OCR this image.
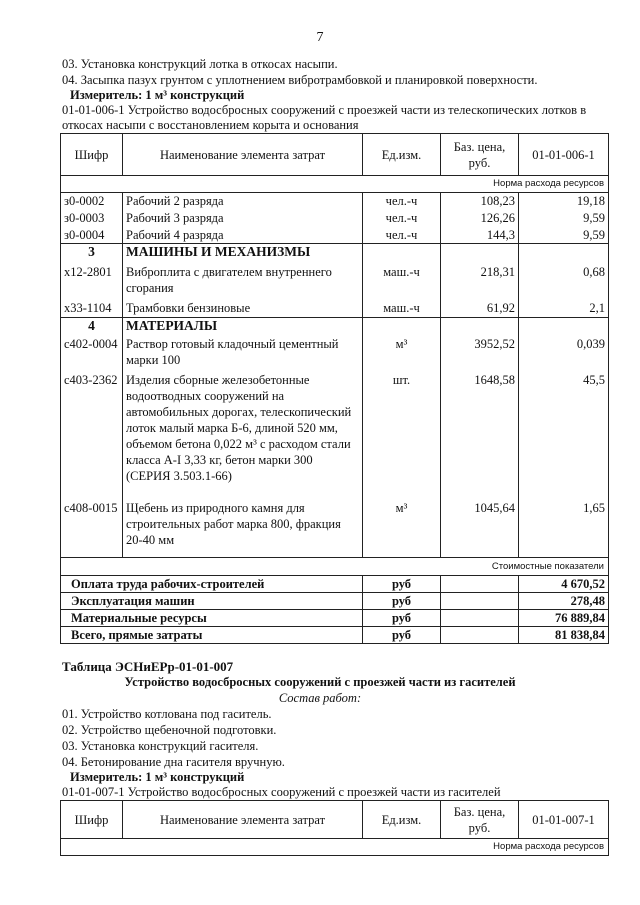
7
03. Установка конструкций лотка в откосах насыпи.
04. Засыпка пазух грунтом с уплотнением вибротрамбовкой и планировкой поверхности.
Измеритель: 1 м³ конструкций
01-01-006-1 Устройство водосбросных сооружений с проезжей части из телескопических лотков в откосах насыпи с восстановлением корыта и основания
Шифр	Наименование элемента затрат	Ед.изм.	Баз. цена, руб.	01-01-006-1
Норма расхода ресурсов				
з0-0002	Рабочий 2 разряда	чел.-ч	108,23	19,18
з0-0003	Рабочий 3 разряда	чел.-ч	126,26	9,59
з0-0004	Рабочий 4 разряда	чел.-ч	144,3	9,59
3	МАШИНЫ И МЕХАНИЗМЫ			
х12-2801	Виброплита с двигателем внутреннего сгорания	маш.-ч	218,31	0,68
х33-1104	Трамбовки бензиновые	маш.-ч	61,92	2,1
4	МАТЕРИАЛЫ			
с402-0004	Раствор готовый кладочный цементный марки 100	м³	3952,52	0,039
с403-2362	Изделия сборные железобетонные водоотводных сооружений на автомобильных дорогах, телескопический лоток малый марка Б-6, длиной 520 мм, объемом бетона 0,022 м³ с расходом стали класса А-I 3,33 кг, бетон марки 300 (СЕРИЯ 3.503.1-66)	шт.	1648,58	45,5
с408-0015	Щебень из природного камня для строительных работ марка 800, фракция 20-40 мм	м³	1045,64	1,65
Стоимостные показатели				
Оплата труда рабочих-строителей		руб		4 670,52
Эксплуатация машин		руб		278,48
Материальные ресурсы		руб		76 889,84
Всего, прямые затраты		руб		81 838,84
Таблица ЭСНиЕРр-01-01-007
Устройство водосбросных сооружений с проезжей части из гасителей
Состав работ:
01. Устройство котлована под гаситель.
02. Устройство щебеночной подготовки.
03. Установка конструкций гасителя.
04. Бетонирование дна гасителя вручную.
Измеритель: 1 м³ конструкций
01-01-007-1 Устройство водосбросных сооружений с проезжей части из гасителей
Шифр	Наименование элемента затрат	Ед.изм.	Баз. цена, руб.	01-01-007-1
Норма расхода ресурсов
